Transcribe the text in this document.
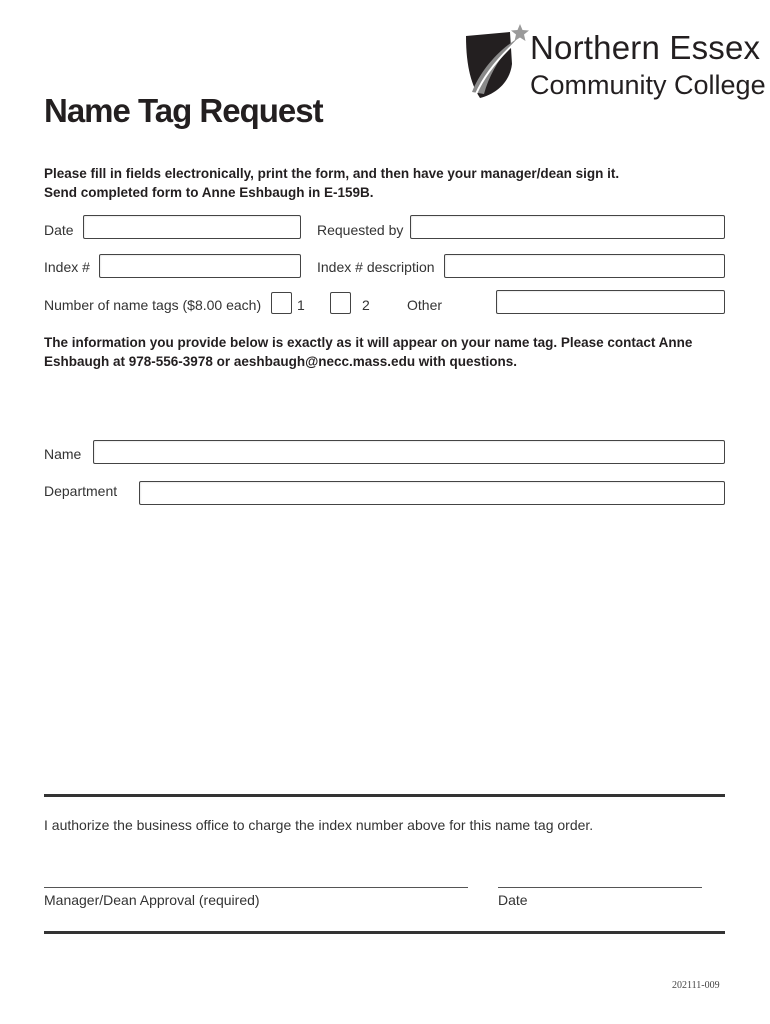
Northern Essex
Community College
Name Tag Request
Please fill in fields electronically, print the form, and then have your manager/dean sign it.
Send completed form to Anne Eshbaugh in E-159B.
Date	Requested by
Index #	Index # description
Number of name tags ($8.00 each)	1	2	Other
The information you provide below is exactly as it will appear on your name tag. Please contact Anne Eshbaugh at 978-556-3978 or aeshbaugh@necc.mass.edu with questions.
Name
Department
I authorize the business office to charge the index number above for this name tag order.
Manager/Dean Approval (required)	Date
202111-009
